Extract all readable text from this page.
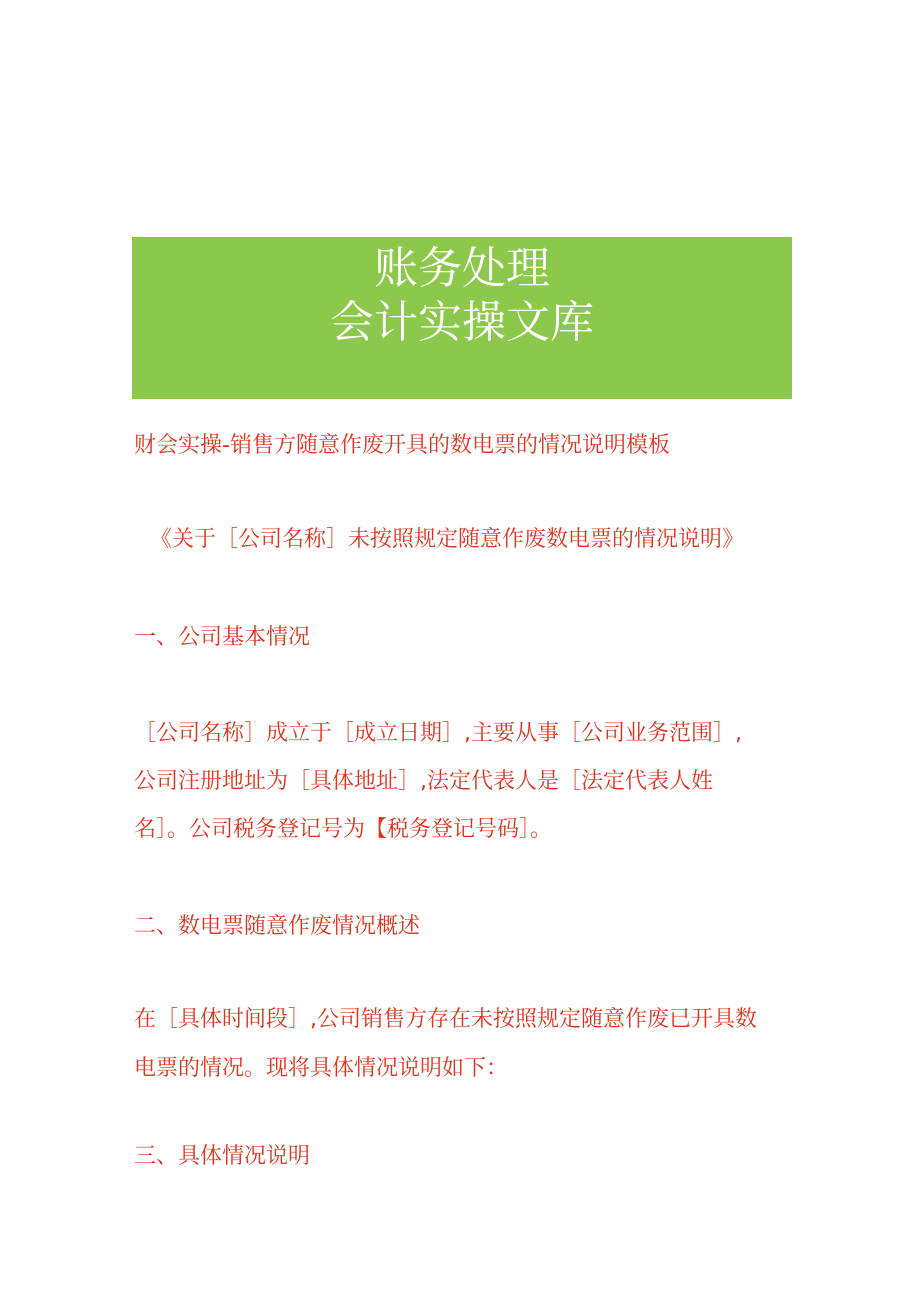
账务处理
会计实操文库
财会实操-销售方随意作废开具的数电票的情况说明模板
《关于［公司名称］未按照规定随意作废数电票的情况说明》
一、公司基本情况
［公司名称］成立于［成立日期］,主要从事［公司业务范围］,
公司注册地址为［具体地址］,法定代表人是［法定代表人姓
名］。公司税务登记号为【税务登记号码］。
二、数电票随意作废情况概述
在［具体时间段］,公司销售方存在未按照规定随意作废已开具数
电票的情况。现将具体情况说明如下：
三、具体情况说明
